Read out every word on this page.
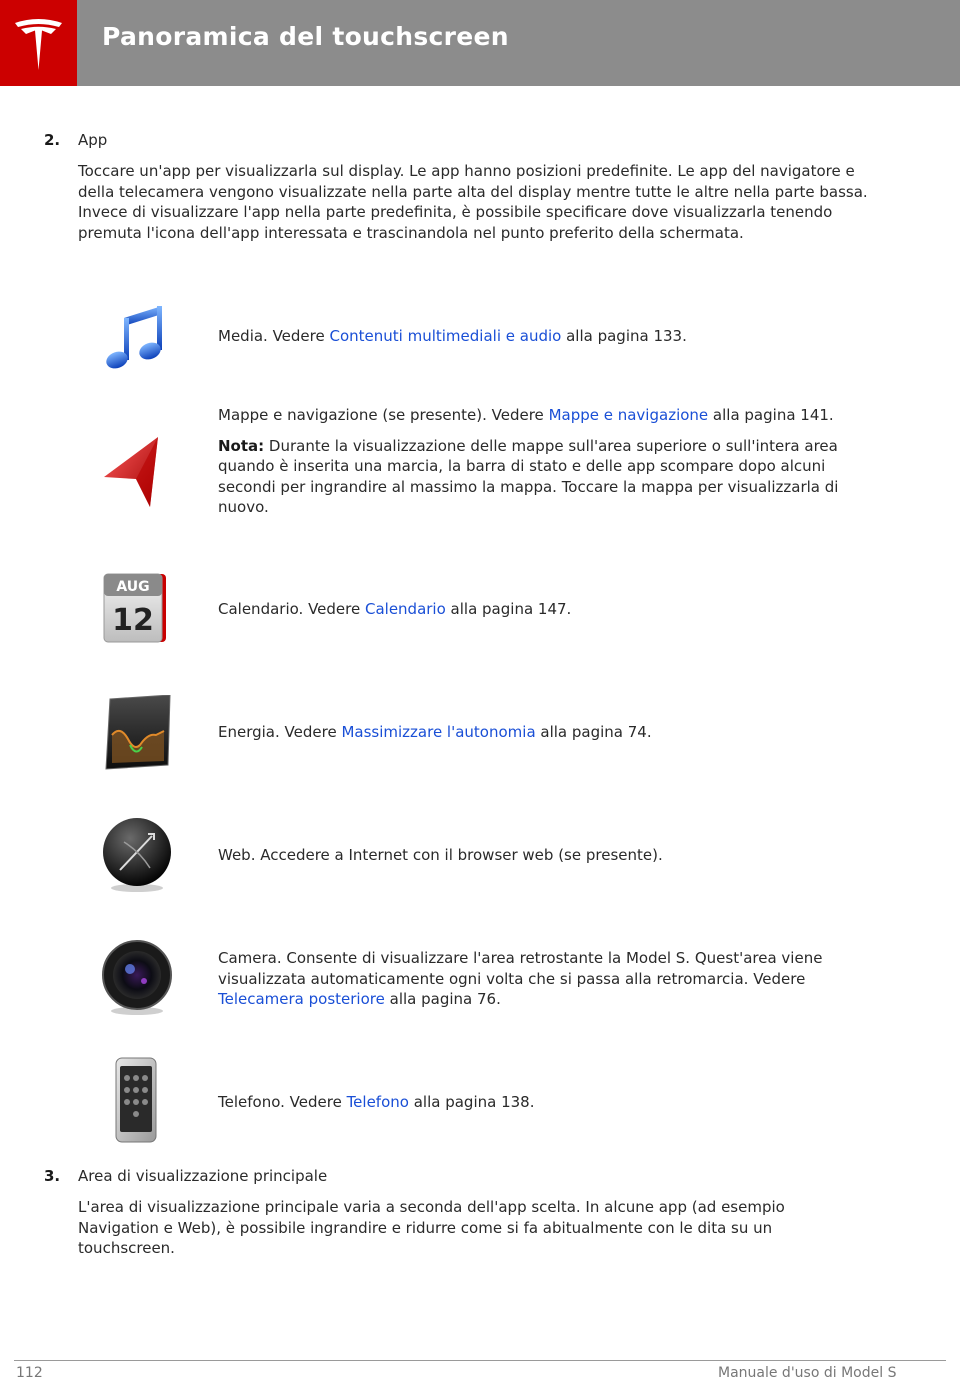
Panoramica del touchscreen
2. App
Toccare un'app per visualizzarla sul display. Le app hanno posizioni predefinite. Le app del navigatore e della telecamera vengono visualizzate nella parte alta del display mentre tutte le altre nella parte bassa. Invece di visualizzare l'app nella parte predefinita, è possibile specificare dove visualizzarla tenendo premuta l'icona dell'app interessata e trascinandola nel punto preferito della schermata.
Media. Vedere Contenuti multimediali e audio alla pagina 133.

Mappe e navigazione (se presente). Vedere Mappe e navigazione alla pagina 141.

Nota: Durante la visualizzazione delle mappe sull'area superiore o sull'intera area quando è inserita una marcia, la barra di stato e delle app scompare dopo alcuni secondi per ingrandire al massimo la mappa. Toccare la mappa per visualizzarla di nuovo.

AUG
12	Calendario. Vedere Calendario alla pagina 147.
Energia. Vedere Massimizzare l'autonomia alla pagina 74.
Web. Accedere a Internet con il browser web (se presente).
Camera. Consente di visualizzare l'area retrostante la Model S. Quest'area viene visualizzata automaticamente ogni volta che si passa alla retromarcia. Vedere Telecamera posteriore alla pagina 76.
Telefono. Vedere Telefono alla pagina 138.
3. Area di visualizzazione principale
L'area di visualizzazione principale varia a seconda dell'app scelta. In alcune app (ad esempio Navigation e Web), è possibile ingrandire e ridurre come si fa abitualmente con le dita su un touchscreen.
112	Manuale d'uso di Model S
